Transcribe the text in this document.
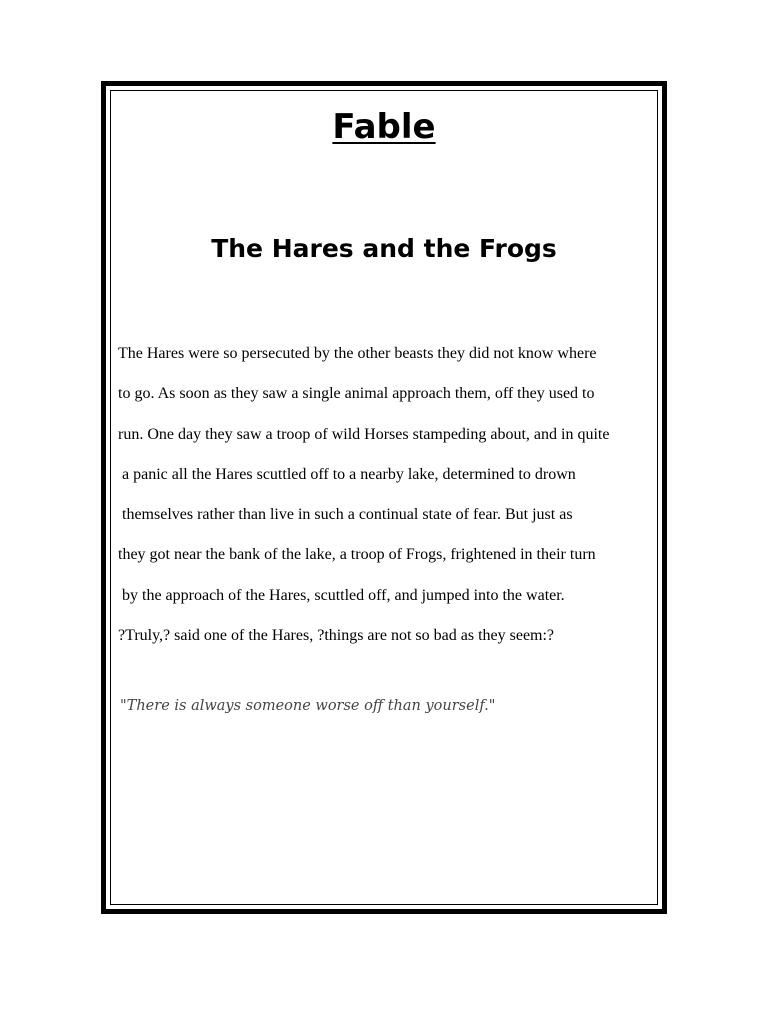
Fable
The Hares and the Frogs
The Hares were so persecuted by the other beasts they did not know where
to go. As soon as they saw a single animal approach them, off they used to
run. One day they saw a troop of wild Horses stampeding about, and in quite
a panic all the Hares scuttled off to a nearby lake, determined to drown
themselves rather than live in such a continual state of fear. But just as
they got near the bank of the lake, a troop of Frogs, frightened in their turn
by the approach of the Hares, scuttled off, and jumped into the water.
?Truly,? said one of the Hares, ?things are not so bad as they seem:?

"There is always someone worse off than yourself."
